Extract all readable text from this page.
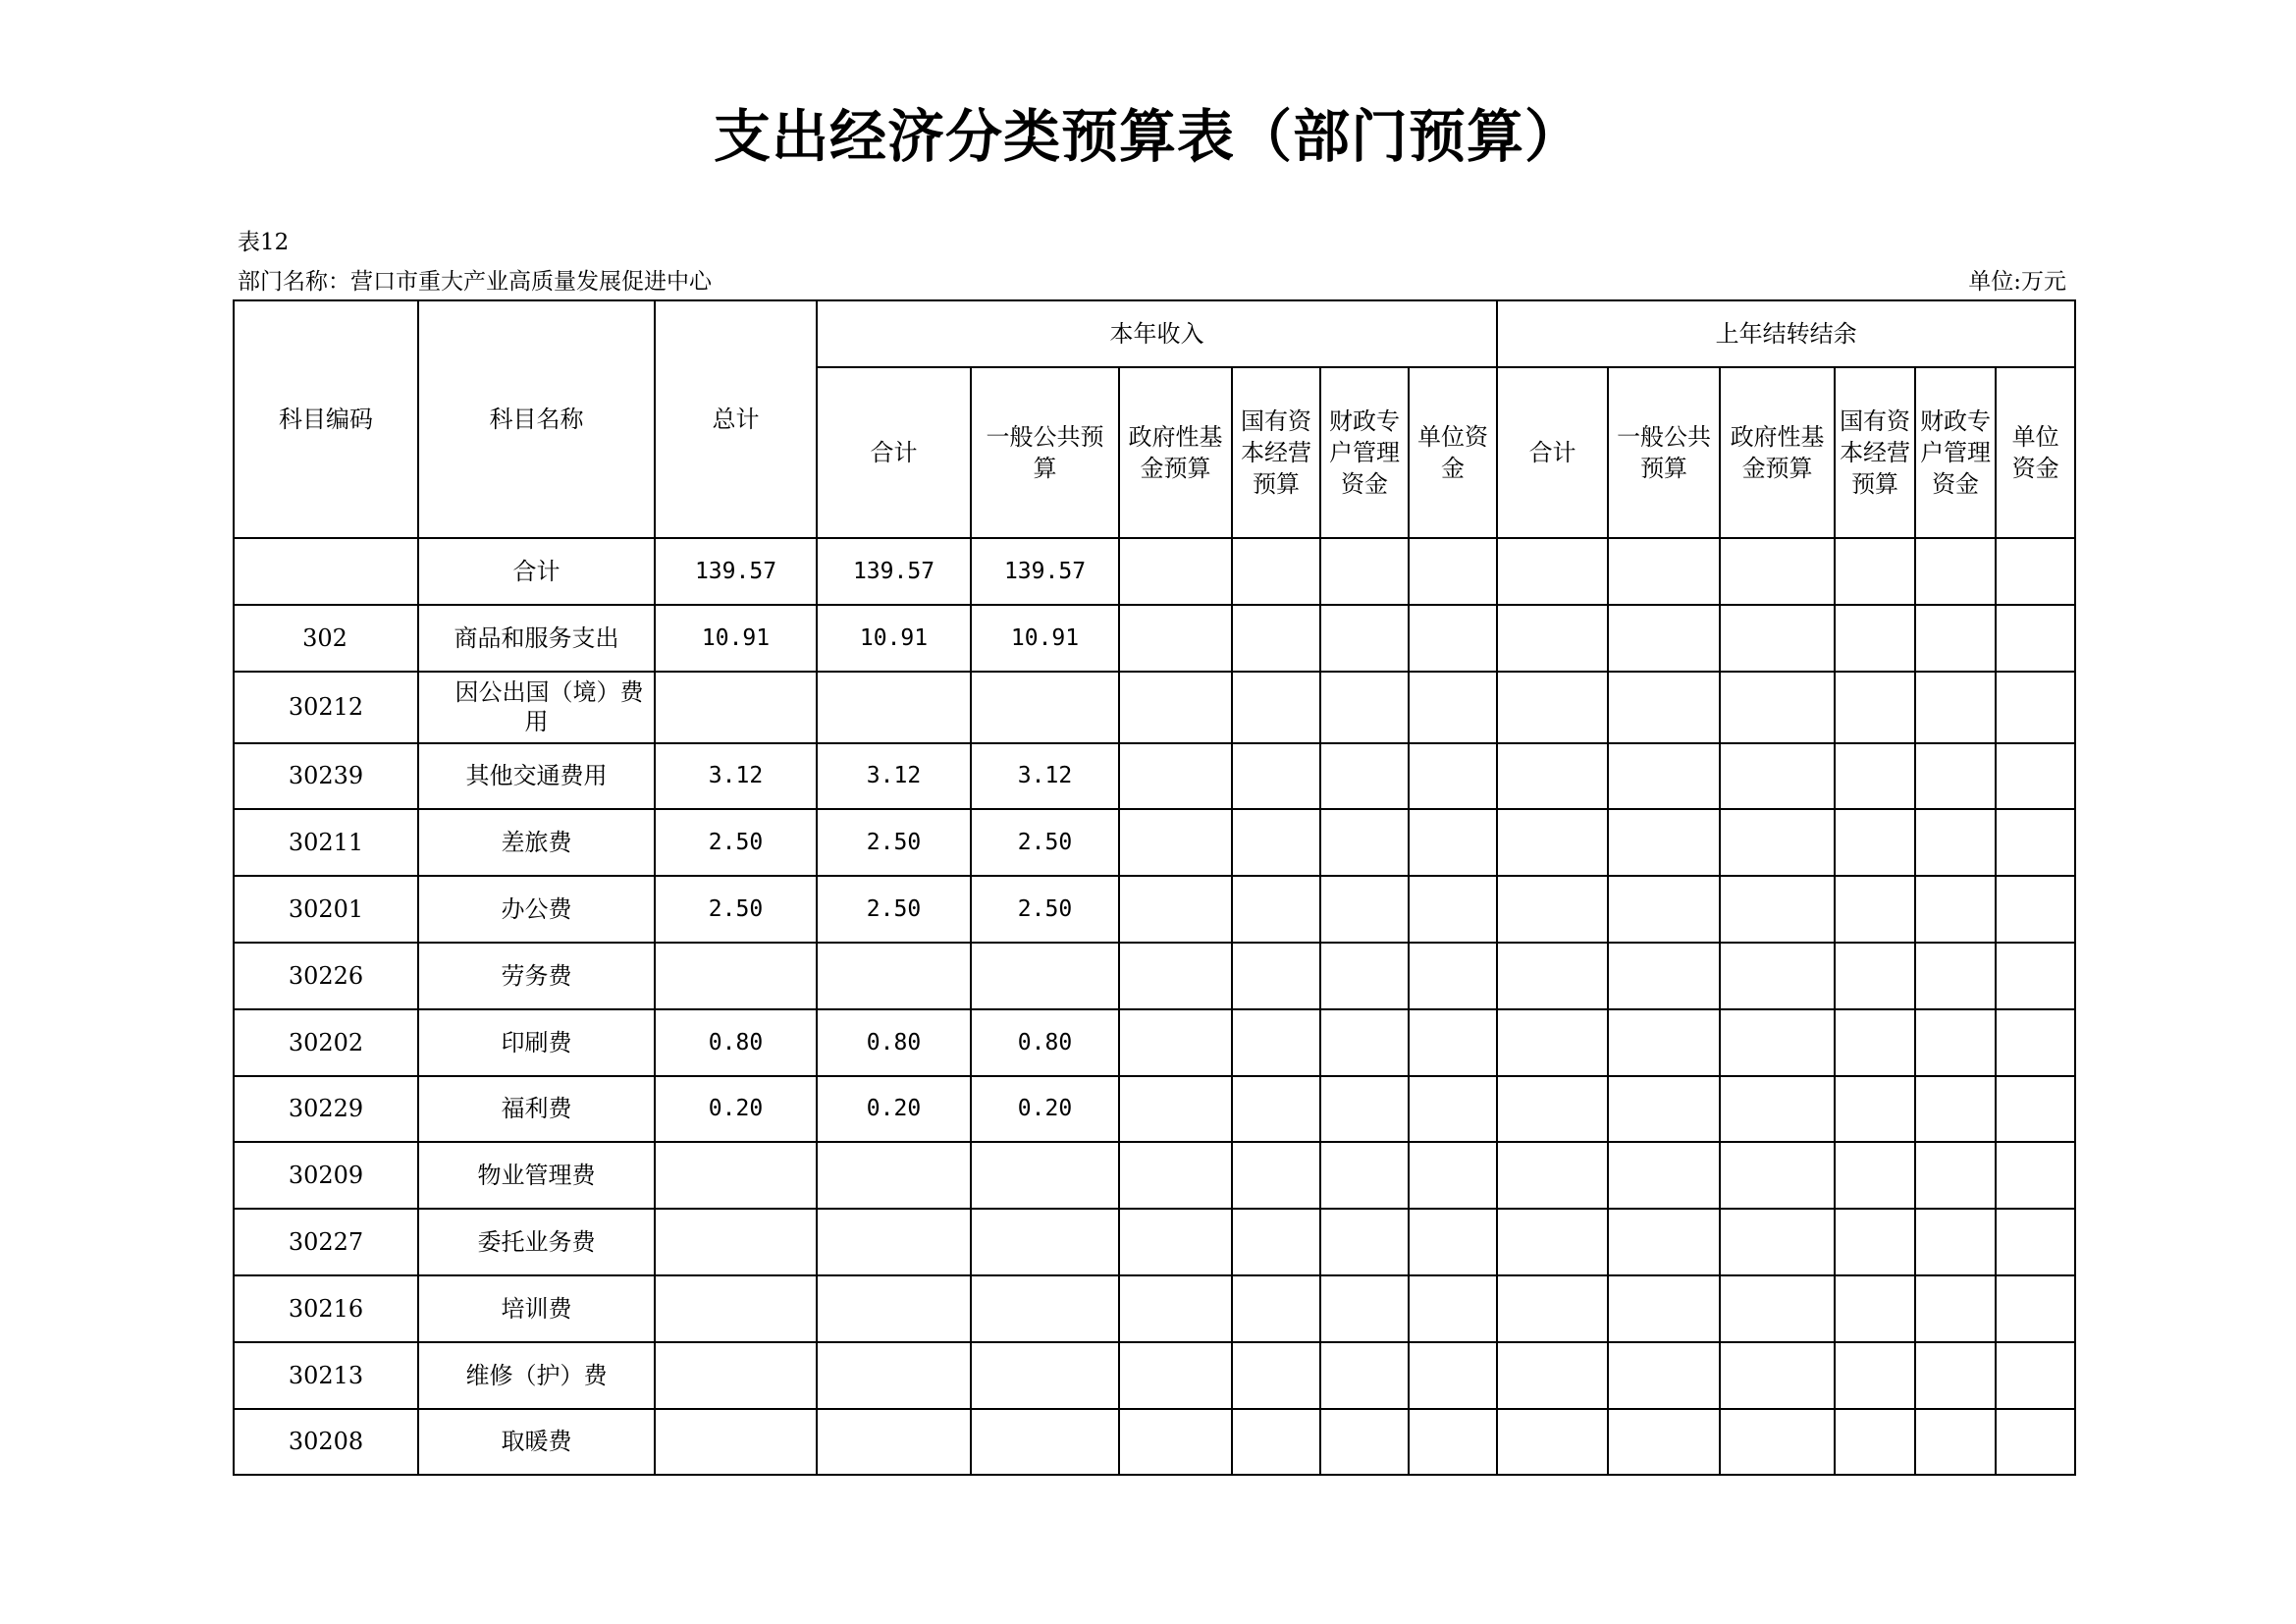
支出经济分类预算表（部门预算）
表12
部门名称：营口市重大产业高质量发展促进中心	单位:万元
科目编码	科目名称	总计	本年收入						上年结转结余					
			合计	一般公共预算	政府性基金预算	国有资本经营预算	财政专户管理资金	单位资金	合计	一般公共预算	政府性基金预算	国有资本经营预算	财政专户管理资金	单位资金
	合计	139.57	139.57	139.57										
302	商品和服务支出	10.91	10.91	10.91										
30212	因公出国（境）费用													
30239	其他交通费用	3.12	3.12	3.12										
30211	差旅费	2.50	2.50	2.50										
30201	办公费	2.50	2.50	2.50										
30226	劳务费													
30202	印刷费	0.80	0.80	0.80										
30229	福利费	0.20	0.20	0.20										
30209	物业管理费													
30227	委托业务费													
30216	培训费													
30213	维修（护）费													
30208	取暖费													
